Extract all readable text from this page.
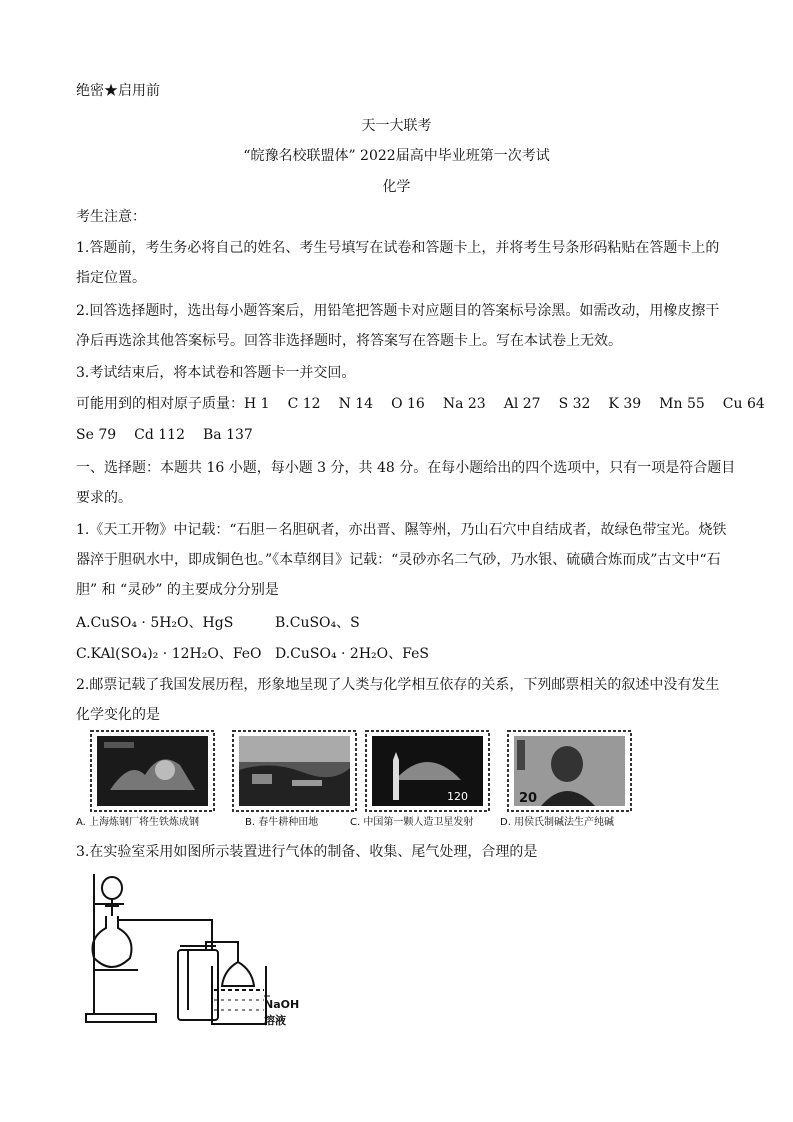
绝密★启用前
天一大联考
“皖豫名校联盟体” 2022届高中毕业班第一次考试
化学
考生注意：
1.答题前，考生务必将自己的姓名、考生号填写在试卷和答题卡上，并将考生号条形码粘贴在答题卡上的
指定位置。
2.回答选择题时，选出每小题答案后，用铅笔把答题卡对应题目的答案标号涂黑。如需改动，用橡皮擦干
净后再选涂其他答案标号。回答非选择题时，将答案写在答题卡上。写在本试卷上无效。
3.考试结束后，将本试卷和答题卡一并交回。
可能用到的相对原子质量：H 1 C 12 N 14 O 16 Na 23 Al 27 S 32 K 39 Mn 55 Cu 64
Se 79 Cd 112 Ba 137
一、选择题：本题共 16 小题，每小题 3 分，共 48 分。在每小题给出的四个选项中，只有一项是符合题目
要求的。
1.《天工开物》中记载：“石胆－名胆矾者，亦出晋、隰等州，乃山石穴中自结成者，故绿色带宝光。烧铁
器淬于胆矾水中，即成铜色也。”《本草纲目》记载：“灵砂亦名二气砂，乃水银、硫磺合炼而成”古文中“石
胆” 和 “灵砂” 的主要成分分别是
A.CuSO₄ · 5H₂O、HgS	B.CuSO₄、S
C.KAl(SO₄)₂ · 12H₂O、FeO D.CuSO₄ · 2H₂O、FeS
2.邮票记载了我国发展历程，形象地呈现了人类与化学相互依存的关系，下列邮票相关的叙述中没有发生
化学变化的是
120	20
A. 上海炼钢厂将生铁炼成钢	B. 春牛耕种田地	C. 中国第一颗人造卫星发射	D. 用侯氏制碱法生产纯碱
3.在实验室采用如图所示装置进行气体的制备、收集、尾气处理，合理的是
NaOH
溶液
